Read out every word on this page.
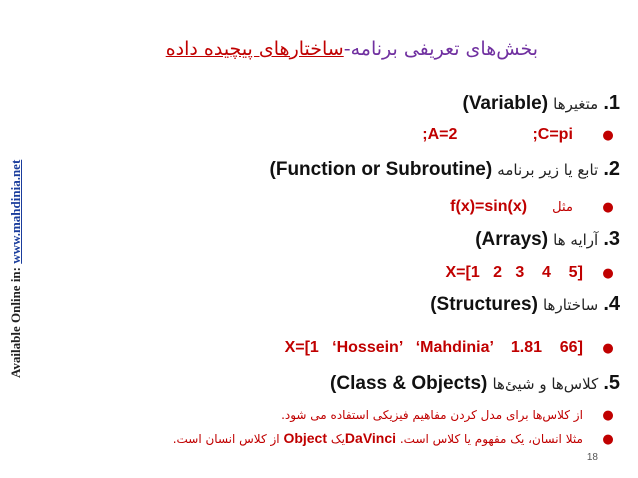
Available Online in: www.mahdinia.net
بخش‌های تعریفی برنامه-ساختارهای پیچیده داده
1. متغیرها (Variable)
● C=pi; A=2;
2. تابع یا زیر برنامه (Function or Subroutine)
● مثل f(x)=sin(x)
3. آرایه ها (Arrays)
● X=[1   2   3    4    5]
4. ساختارها (Structures)
● X=[1   ‘Hossein’   ‘Mahdinia’    1.81    66]
5. کلاس‌ها و شیئ‌ها (Class & Objects)
● از کلاس‌ها برای مدل کردن مفاهیم فیزیکی استفاده می شود.
● مثلا انسان، یک مفهوم یا کلاس است. DaVinciیک Object از کلاس انسان است.
18
